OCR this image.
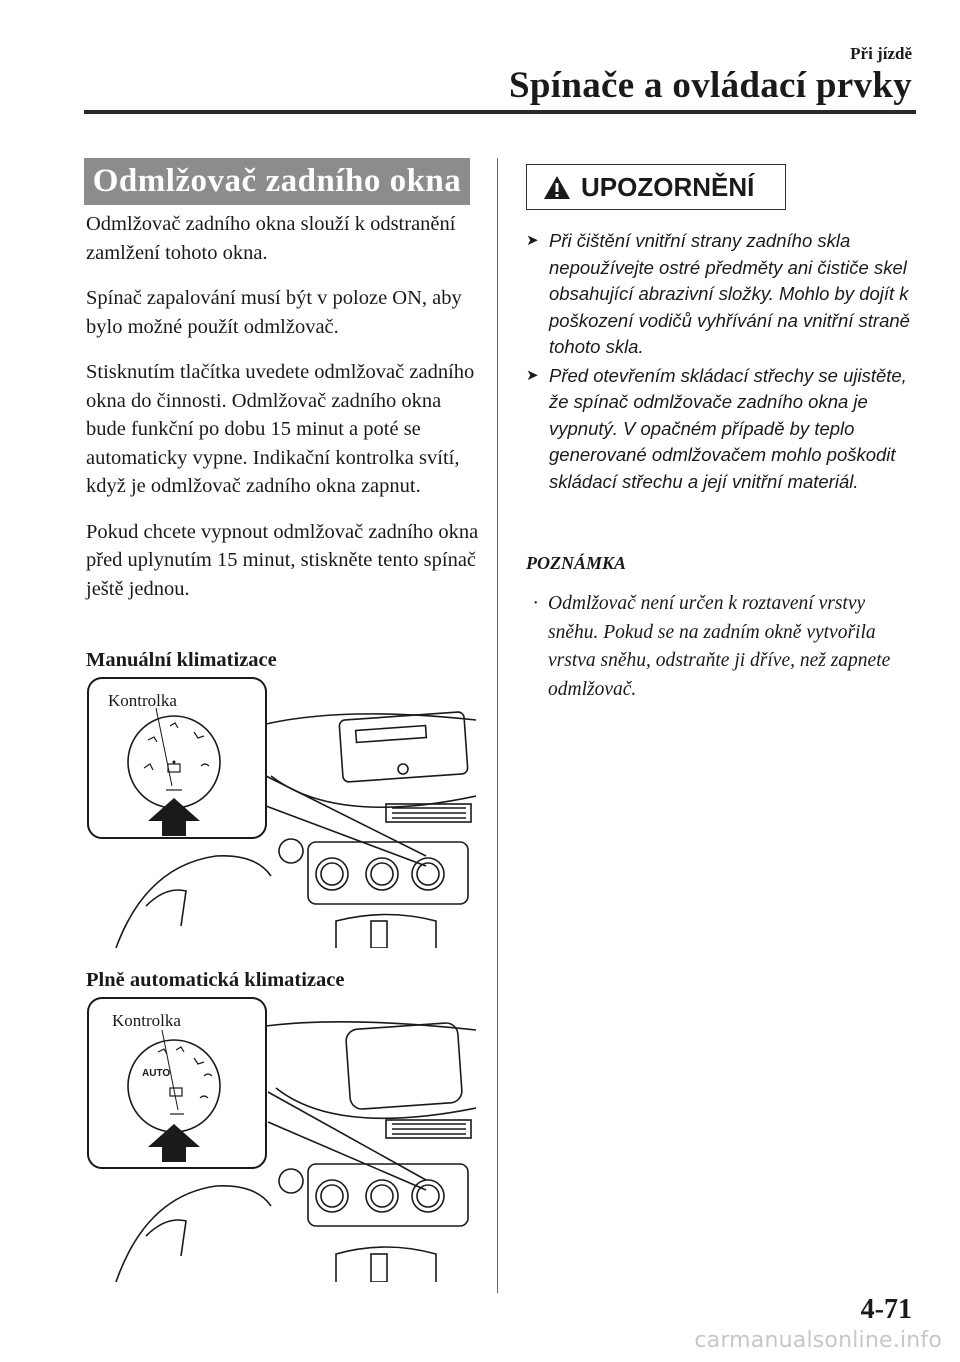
Při jízdě
Spínače a ovládací prvky
Odmlžovač zadního okna

Odmlžovač zadního okna slouží k odstranění zamlžení tohoto okna.

Spínač zapalování musí být v poloze ON, aby bylo možné použít odmlžovač.

Stisknutím tlačítka uvedete odmlžovač zadního okna do činnosti. Odmlžovač zadního okna bude funkční po dobu 15 minut a poté se automaticky vypne. Indikační kontrolka svítí, když je odmlžovač zadního okna zapnut.

Pokud chcete vypnout odmlžovač zadního okna před uplynutím 15 minut, stiskněte tento spínač ještě jednou.

Manuální klimatizace
Plně automatická klimatizace
Kontrolka
AUTO
Kontrolka
UPOZORNĚNÍ
➤ Při čištění vnitřní strany zadního skla nepoužívejte ostré předměty ani čističe skel obsahující abrazivní složky. Mohlo by dojít k poškození vodičů vyhřívání na vnitřní straně tohoto skla.
➤ Před otevřením skládací střechy se ujistěte, že spínač odmlžovače zadního okna je vypnutý. V opačném případě by teplo generované odmlžovačem mohlo poškodit skládací střechu a její vnitřní materiál.
POZNÁMKA
· Odmlžovač není určen k roztavení vrstvy sněhu. Pokud se na zadním okně vytvořila vrstva sněhu, odstraňte ji dříve, než zapnete odmlžovač.
4-71
carmanualsonline.info
